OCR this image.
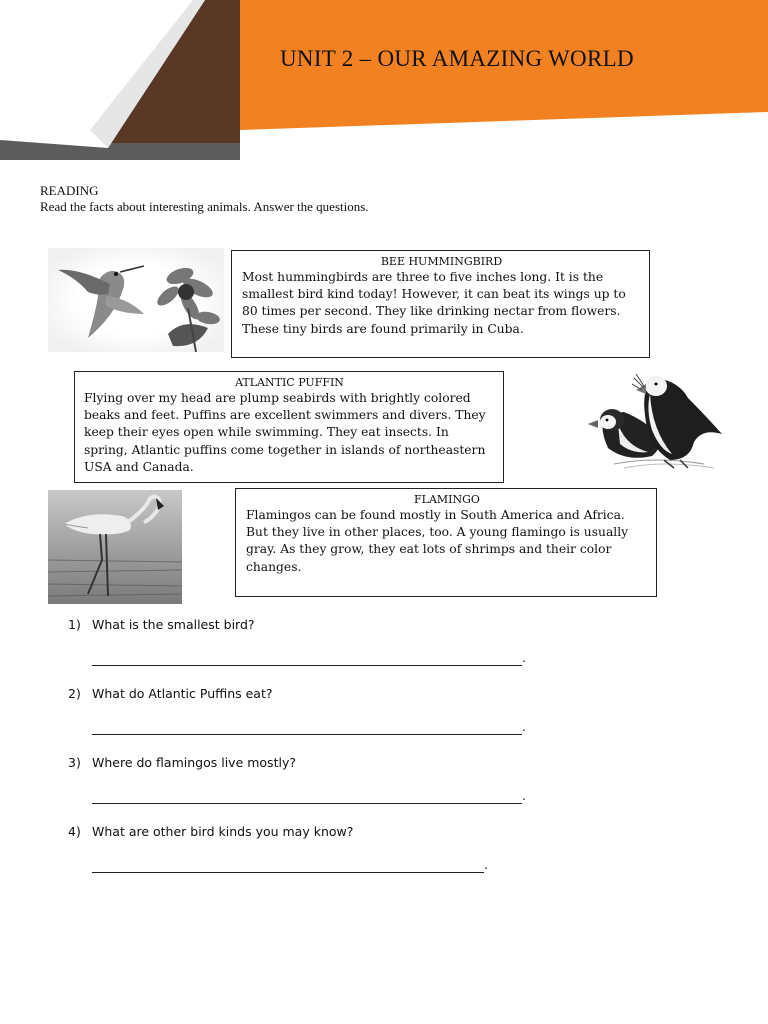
UNIT 2 – OUR AMAZING WORLD
READING
Read the facts about interesting animals. Answer the questions.
BEE HUMMINGBIRD

Most hummingbirds are three to five inches long. It is the smallest bird kind today! However, it can beat its wings up to 80 times per second. They like drinking nectar from flowers. These tiny birds are found primarily in Cuba.

ATLANTIC PUFFIN

Flying over my head are plump seabirds with brightly colored beaks and feet. Puffins are excellent swimmers and divers. They keep their eyes open while swimming. They eat insects. In spring, Atlantic puffins come together in islands of northeastern USA and Canada.

FLAMINGO

Flamingos can be found mostly in South America and Africa. But they live in other places, too. A young flamingo is usually gray. As they grow, they eat lots of shrimps and their color changes.

1) What is the smallest bird?
.
2) What do Atlantic Puffins eat?
.
3) Where do flamingos live mostly?
.
4) What are other bird kinds you may know?
.
